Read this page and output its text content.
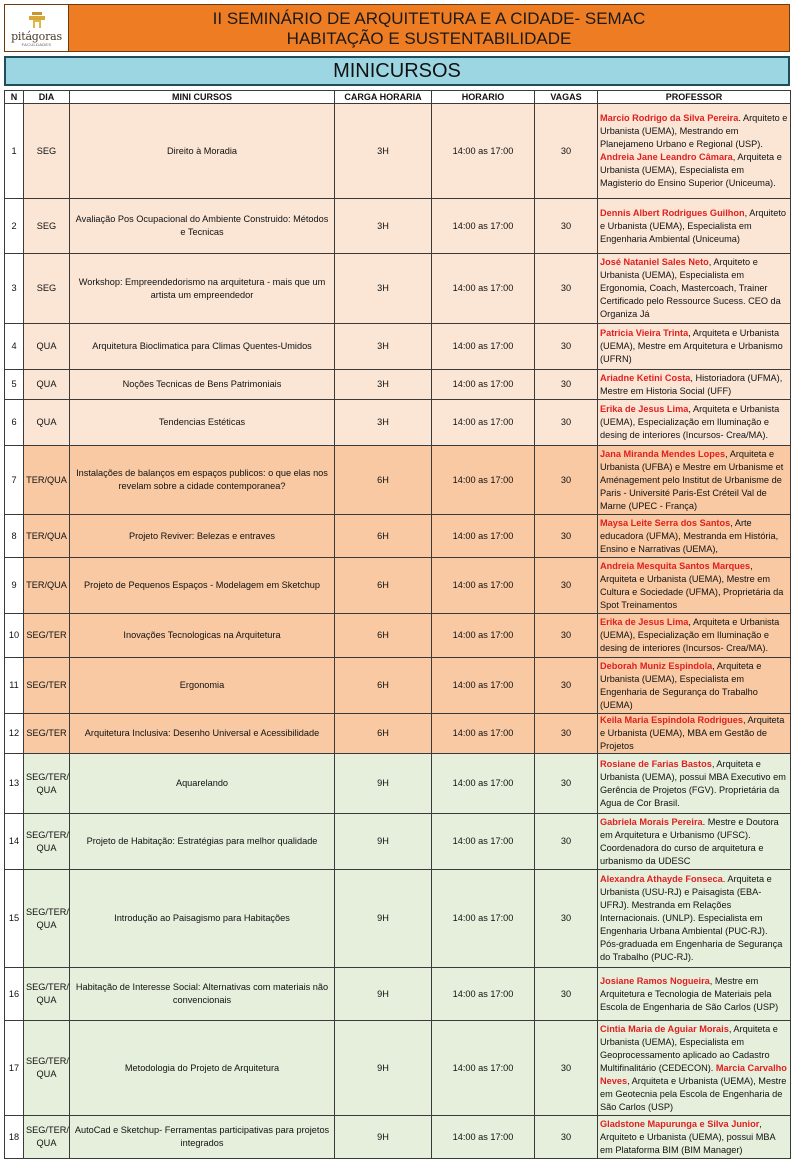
pitágoras
FACULDADES
II SEMINÁRIO DE ARQUITETURA E A CIDADE- SEMAC
HABITAÇÃO E SUSTENTABILIDADE
MINICURSOS
N	DIA	MINI CURSOS	CARGA HORARIA	HORARIO	VAGAS	PROFESSOR
1	SEG	Direito à Moradia	3H	14:00 as 17:00	30	Marcio Rodrigo da Silva Pereira. Arquiteto e Urbanista (UEMA), Mestrando em Planejameno Urbano e Regional (USP). Andreia Jane Leandro Câmara, Arquiteta e Urbanista (UEMA), Especialista em Magisterio do Ensino Superior (Uniceuma).
2	SEG	Avaliação Pos Ocupacional do Ambiente Construido: Métodos e Tecnicas	3H	14:00 as 17:00	30	Dennis Albert Rodrigues Guilhon, Arquiteto e Urbanista (UEMA), Especialista em Engenharia Ambiental (Uniceuma)
3	SEG	Workshop: Empreendedorismo na arquitetura - mais que um artista um empreendedor	3H	14:00 as 17:00	30	José Nataniel Sales Neto, Arquiteto e Urbanista (UEMA), Especialista em Ergonomia, Coach, Mastercoach, Trainer Certificado pelo Ressource Sucess. CEO da Organiza Já
4	QUA	Arquitetura Bioclimatica para Climas Quentes-Umidos	3H	14:00 as 17:00	30	Patricia Vieira Trinta, Arquiteta e Urbanista (UEMA), Mestre em Arquitetura e Urbanismo (UFRN)
5	QUA	Noções Tecnicas de Bens Patrimoniais	3H	14:00 as 17:00	30	Ariadne Ketini Costa, Historiadora (UFMA), Mestre em Historia Social (UFF)
6	QUA	Tendencias Estéticas	3H	14:00 as 17:00	30	Erika de Jesus Lima, Arquiteta e Urbanista (UEMA), Especialização em Iluminação e desing de interiores (Incursos- Crea/MA).
7	TER/QUA	Instalações de balanços em espaços publicos: o que elas nos revelam sobre a cidade contemporanea?	6H	14:00 as 17:00	30	Jana Miranda Mendes Lopes, Arquiteta e Urbanista (UFBA) e Mestre em Urbanisme et Aménagement pelo Institut de Urbanisme de Paris - Université Paris-Est Créteil Val de Marne (UPEC - França)
8	TER/QUA	Projeto Reviver: Belezas e entraves	6H	14:00 as 17:00	30	Maysa Leite Serra dos Santos, Arte educadora (UFMA), Mestranda em História, Ensino e Narrativas (UEMA),
9	TER/QUA	Projeto de Pequenos Espaços - Modelagem em Sketchup	6H	14:00 as 17:00	30	Andreia Mesquita Santos Marques, Arquiteta e Urbanista (UEMA), Mestre em Cultura e Sociedade (UFMA), Proprietária da Spot Treinamentos
10	SEG/TER	Inovações Tecnologicas na Arquitetura	6H	14:00 as 17:00	30	Erika de Jesus Lima, Arquiteta e Urbanista (UEMA), Especialização em Iluminação e desing de interiores (Incursos- Crea/MA).
11	SEG/TER	Ergonomia	6H	14:00 as 17:00	30	Deborah Muniz Espindola, Arquiteta e Urbanista (UEMA), Especialista em Engenharia de Segurança do Trabalho (UEMA)
12	SEG/TER	Arquitetura Inclusiva: Desenho Universal e Acessibilidade	6H	14:00 as 17:00	30	Keila Maria Espindola Rodrigues, Arquiteta e Urbanista (UEMA), MBA em Gestão de Projetos
13	SEG/TER/ QUA	Aquarelando	9H	14:00 as 17:00	30	Rosiane de Farias Bastos, Arquiteta e Urbanista (UEMA), possui MBA Executivo em Gerência de Projetos (FGV). Proprietária da Agua de Cor Brasil.
14	SEG/TER/ QUA	Projeto de Habitação: Estratégias para melhor qualidade	9H	14:00 as 17:00	30	Gabriela Morais Pereira. Mestre e Doutora em Arquitetura e Urbanismo (UFSC). Coordenadora do curso de arquitetura e urbanismo da UDESC
15	SEG/TER/ QUA	Introdução ao Paisagismo para Habitações	9H	14:00 as 17:00	30	Alexandra Athayde Fonseca. Arquiteta e Urbanista (USU-RJ) e Paisagista (EBA-UFRJ). Mestranda em Relações Internacionais. (UNLP). Especialista em Engenharia Urbana Ambiental (PUC-RJ). Pós-graduada em Engenharia de Segurança do Trabalho (PUC-RJ).
16	SEG/TER/ QUA	Habitação de Interesse Social: Alternativas com materiais não convencionais	9H	14:00 as 17:00	30	Josiane Ramos Nogueira, Mestre em Arquitetura e Tecnologia de Materiais pela Escola de Engenharia de São Carlos (USP)
17	SEG/TER/ QUA	Metodologia do Projeto de Arquitetura	9H	14:00 as 17:00	30	Cintia Maria de Aguiar Morais, Arquiteta e Urbanista (UEMA), Especialista em Geoprocessamento aplicado ao Cadastro Multifinalitário (CEDECON). Marcia Carvalho Neves, Arquiteta e Urbanista (UEMA), Mestre em Geotecnia pela Escola de Engenharia de São Carlos (USP)
18	SEG/TER/ QUA	AutoCad e Sketchup- Ferramentas participativas para projetos integrados	9H	14:00 as 17:00	30	Gladstone Mapurunga e Silva Junior, Arquiteto e Urbanista (UEMA), possui MBA em Plataforma BIM (BIM Manager)
